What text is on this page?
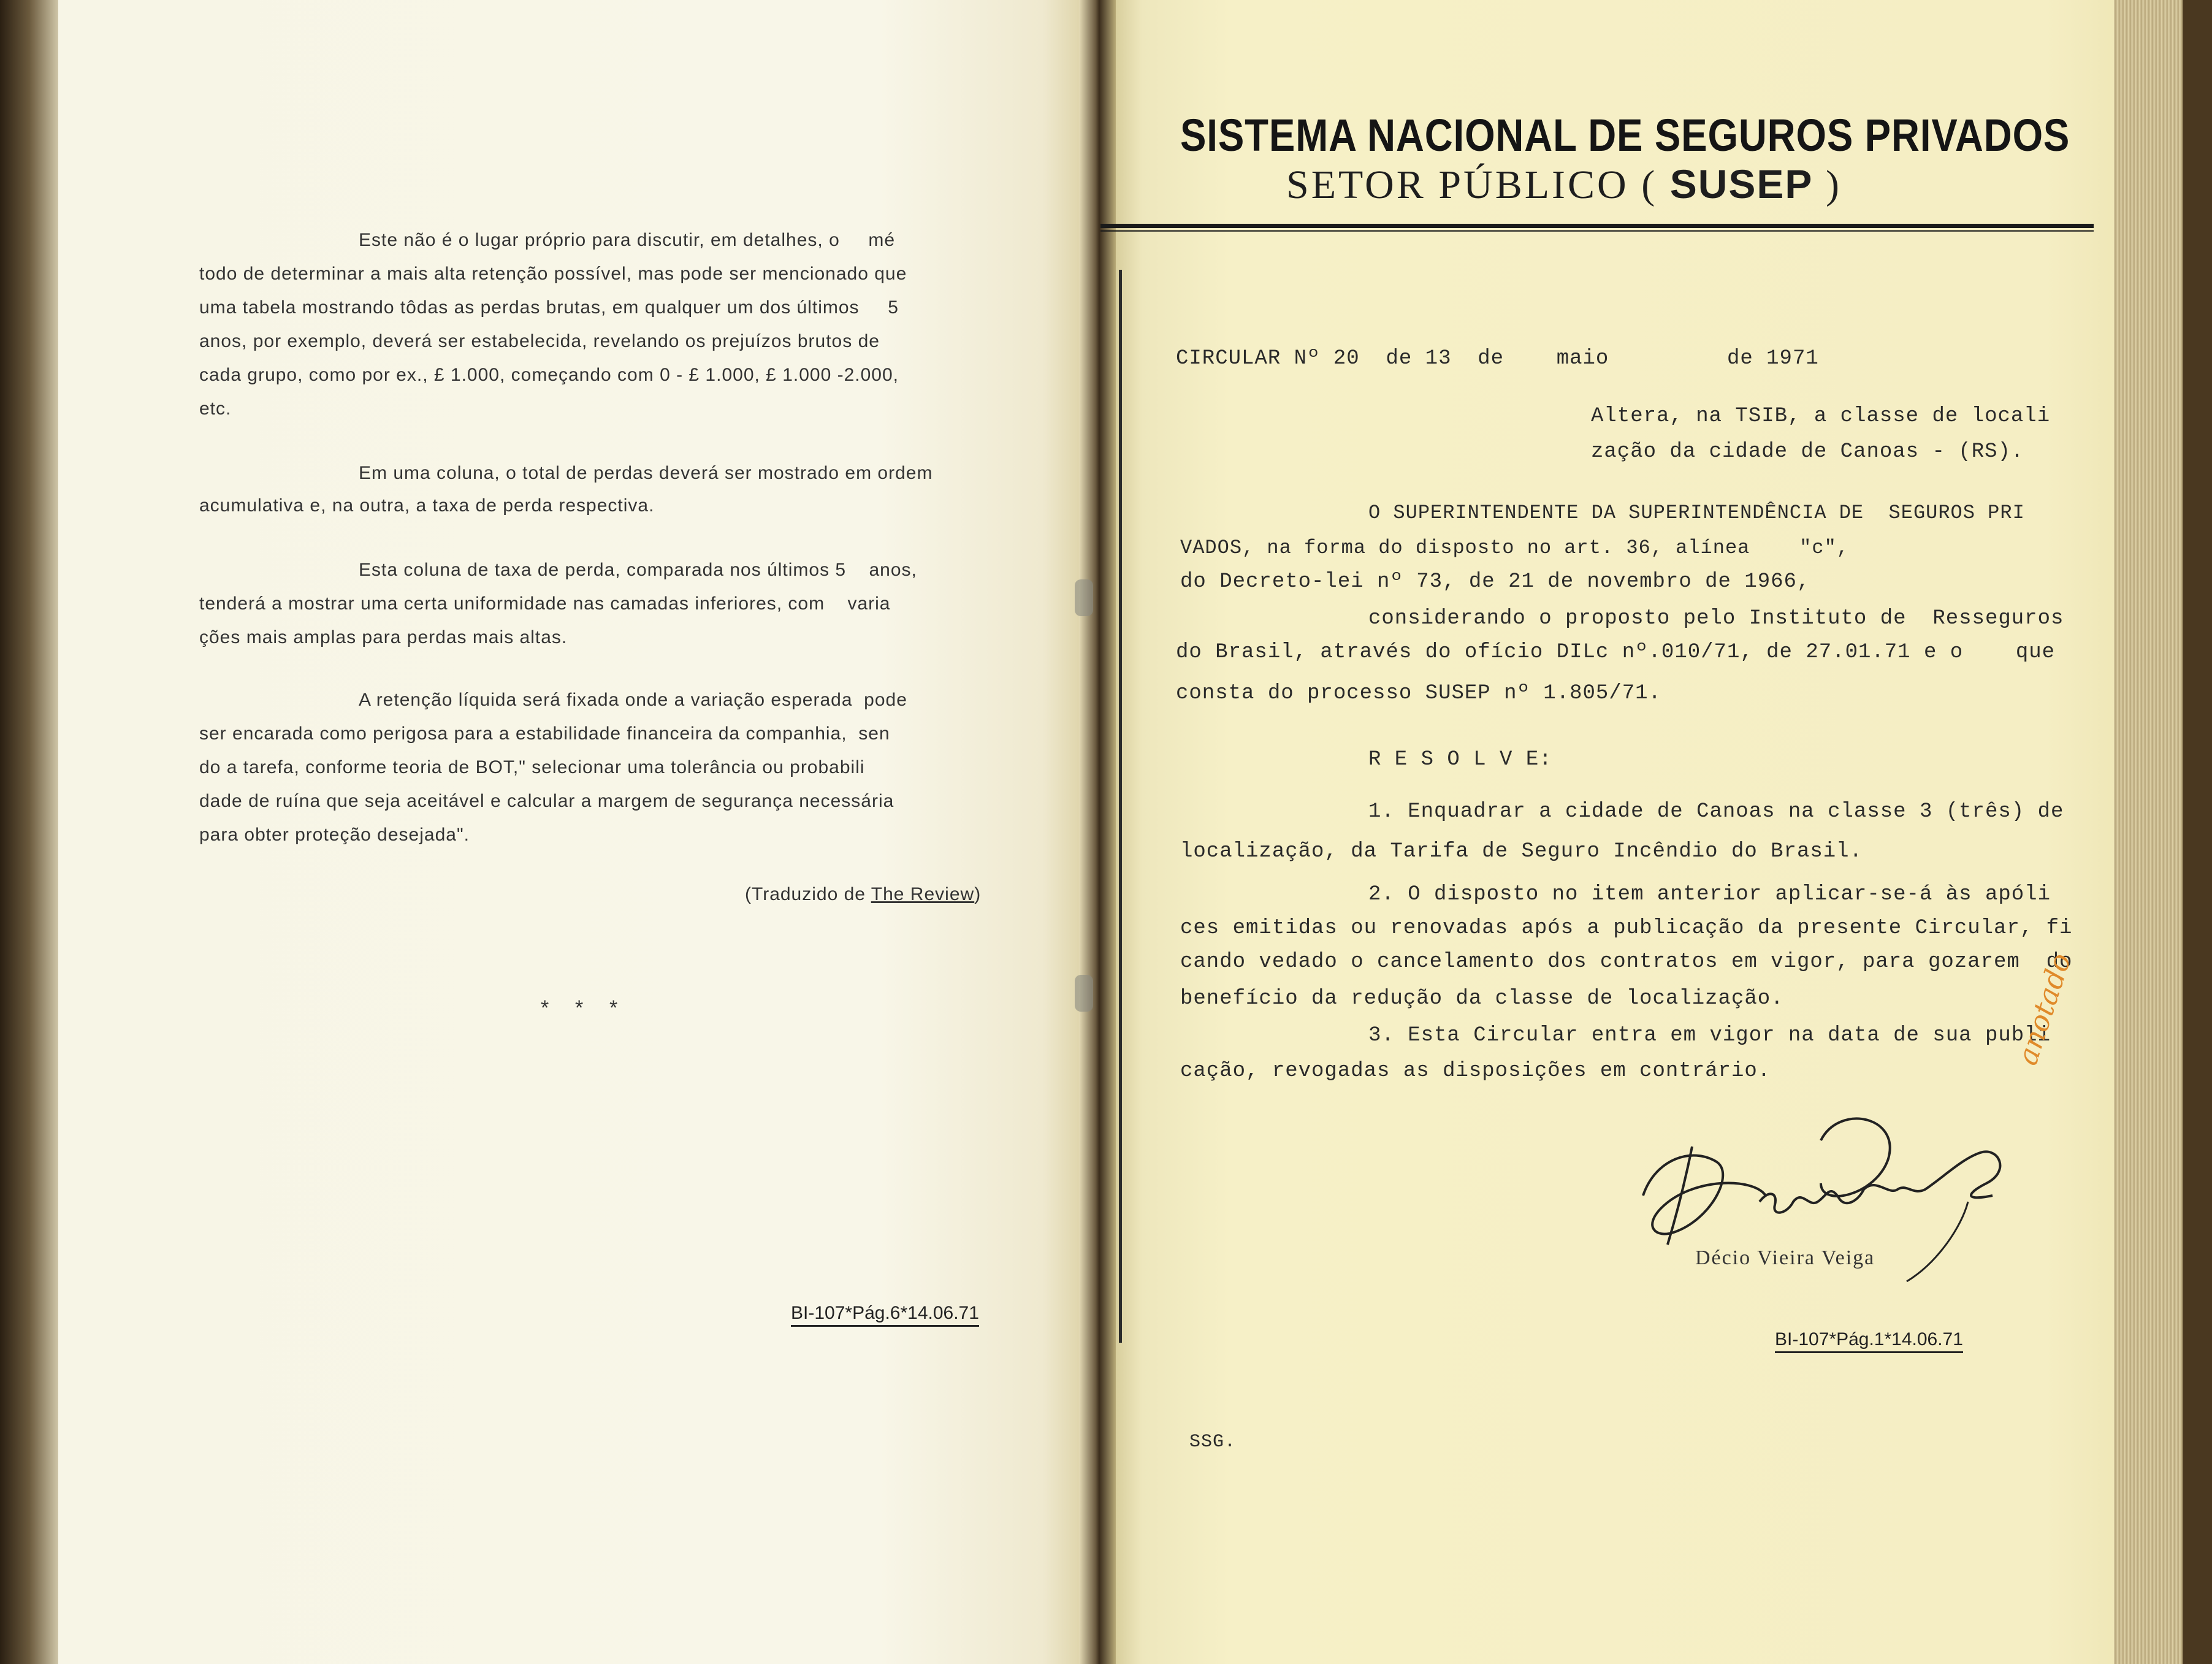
Este não é o lugar próprio para discutir, em detalhes, o     mé
todo de determinar a mais alta retenção possível, mas pode ser mencionado que
uma tabela mostrando tôdas as perdas brutas, em qualquer um dos últimos     5
anos, por exemplo, deverá ser estabelecida, revelando os prejuízos brutos de
cada grupo, como por ex., £ 1.000, começando com 0 - £ 1.000, £ 1.000 -2.000,
etc.
Em uma coluna, o total de perdas deverá ser mostrado em ordem
acumulativa e, na outra, a taxa de perda respectiva.
Esta coluna de taxa de perda, comparada nos últimos 5    anos,
tenderá a mostrar uma certa uniformidade nas camadas inferiores, com    varia
ções mais amplas para perdas mais altas.
A retenção líquida será fixada onde a variação esperada  pode
ser encarada como perigosa para a estabilidade financeira da companhia,  sen
do a tarefa, conforme teoria de BOT," selecionar uma tolerância ou probabili
dade de ruína que seja aceitável e calcular a margem de segurança necessária
para obter proteção desejada".
(Traduzido de The Review)
*    *    *
BI-107*Pág.6*14.06.71
SISTEMA NACIONAL DE SEGUROS PRIVADOS
SETOR PÚBLICO ( SUSEP )
CIRCULAR Nº 20  de 13  de    maio         de 1971
Altera, na TSIB, a classe de locali
zação da cidade de Canoas - (RS).
O SUPERINTENDENTE DA SUPERINTENDÊNCIA DE  SEGUROS PRI
VADOS, na forma do disposto no art. 36, alínea    "c",
do Decreto-lei nº 73, de 21 de novembro de 1966,
considerando o proposto pelo Instituto de  Resseguros
do Brasil, através do ofício DILc nº.010/71, de 27.01.71 e o    que
consta do processo SUSEP nº 1.805/71.
R E S O L V E:
1. Enquadrar a cidade de Canoas na classe 3 (três) de
localização, da Tarifa de Seguro Incêndio do Brasil.
2. O disposto no item anterior aplicar-se-á às apóli
ces emitidas ou renovadas após a publicação da presente Circular, fi
cando vedado o cancelamento dos contratos em vigor, para gozarem  do
benefício da redução da classe de localização.
3. Esta Circular entra em vigor na data de sua publi
cação, revogadas as disposições em contrário.
Décio Vieira Veiga
BI-107*Pág.1*14.06.71
SSG.
anotado
